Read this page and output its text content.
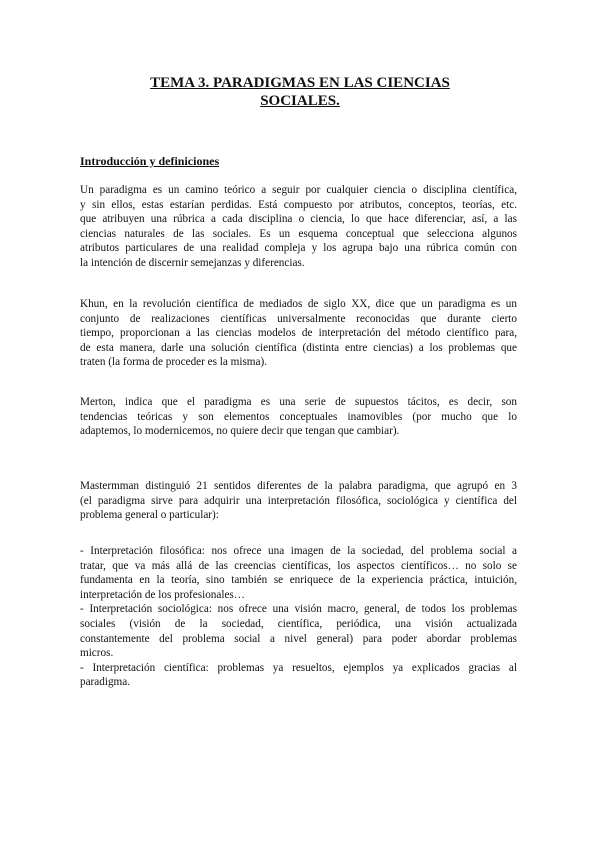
TEMA 3. PARADIGMAS EN LAS CIENCIAS
SOCIALES.
Introducción y definiciones

Un paradigma es un camino teórico a seguir por cualquier ciencia o disciplina científica,
y sin ellos, estas estarían perdidas. Está compuesto por atributos, conceptos, teorías, etc.
que atribuyen una rúbrica a cada disciplina o ciencia, lo que hace diferenciar, así, a las
ciencias naturales de las sociales. Es un esquema conceptual que selecciona algunos
atributos particulares de una realidad compleja y los agrupa bajo una rúbrica común con
la intención de discernir semejanzas y diferencias.

Khun, en la revolución científica de mediados de siglo XX, dice que un paradigma es un
conjunto de realizaciones científicas universalmente reconocidas que durante cierto
tiempo, proporcionan a las ciencias modelos de interpretación del método científico para,
de esta manera, darle una solución científica (distinta entre ciencias) a los problemas que
traten (la forma de proceder es la misma).

Merton, indica que el paradigma es una serie de supuestos tácitos, es decir, son
tendencias teóricas y son elementos conceptuales inamovibles (por mucho que lo
adaptemos, lo modernicemos, no quiere decir que tengan que cambiar).

Mastermman distinguió 21 sentidos diferentes de la palabra paradigma, que agrupó en 3
(el paradigma sirve para adquirir una interpretación filosófica, sociológica y científica del
problema general o particular):

- Interpretación filosófica: nos ofrece una imagen de la sociedad, del problema social a
tratar, que va más allá de las creencias científicas, los aspectos científicos… no solo se
fundamenta en la teoría, sino también se enriquece de la experiencia práctica, intuición,
interpretación de los profesionales…
- Interpretación sociológica: nos ofrece una visión macro, general, de todos los problemas
sociales (visión de la sociedad, científica, periódica, una visión actualizada
constantemente del problema social a nivel general) para poder abordar problemas
micros.
- Interpretación científica: problemas ya resueltos, ejemplos ya explicados gracias al
paradigma.
